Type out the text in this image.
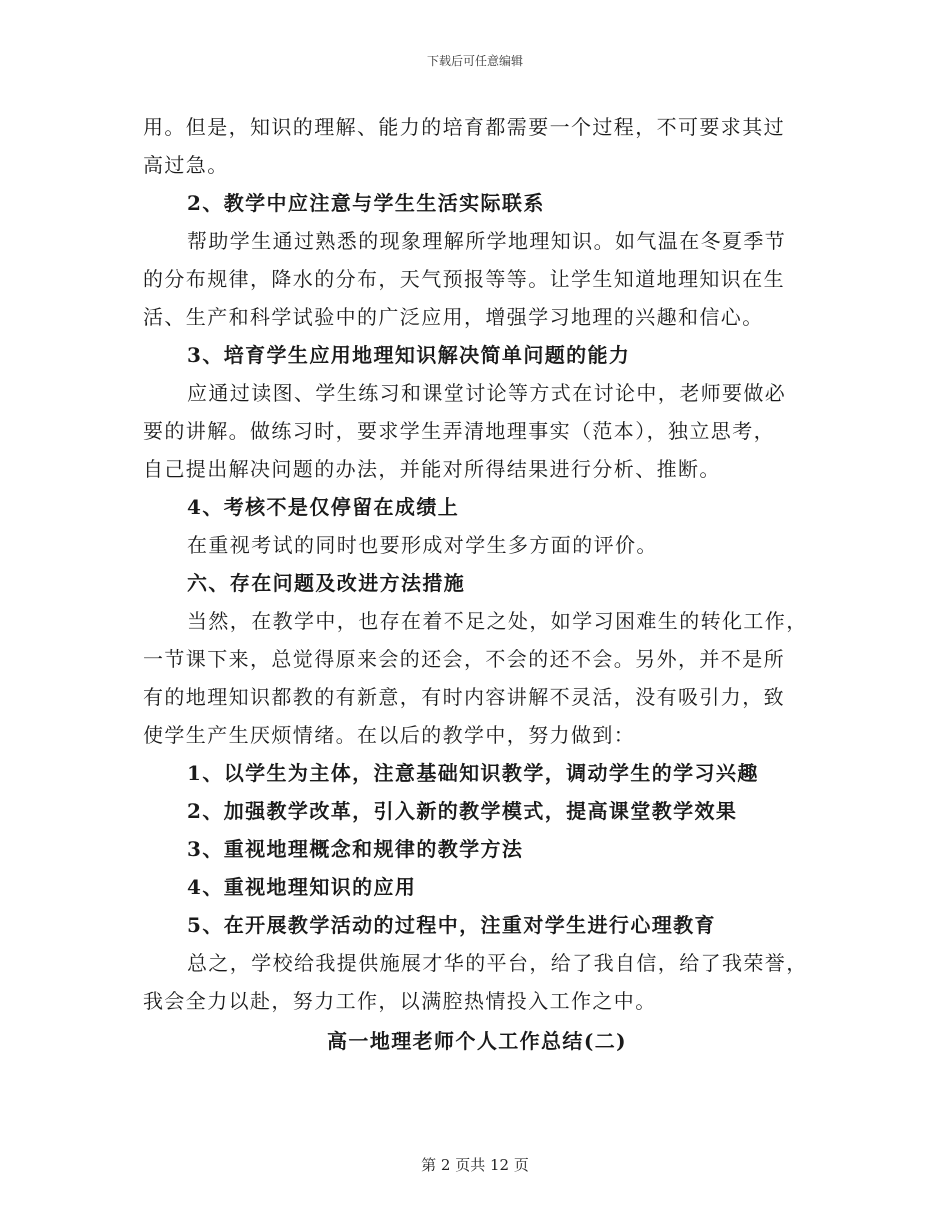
下载后可任意编辑
用。但是，知识的理解、能力的培育都需要一个过程，不可要求其过
高过急。
2、教学中应注意与学生生活实际联系
帮助学生通过熟悉的现象理解所学地理知识。如气温在冬夏季节
的分布规律，降水的分布，天气预报等等。让学生知道地理知识在生
活、生产和科学试验中的广泛应用，增强学习地理的兴趣和信心。
3、培育学生应用地理知识解决简单问题的能力
应通过读图、学生练习和课堂讨论等方式在讨论中，老师要做必
要的讲解。做练习时，要求学生弄清地理事实（范本），独立思考，
自己提出解决问题的办法，并能对所得结果进行分析、推断。
4、考核不是仅停留在成绩上
在重视考试的同时也要形成对学生多方面的评价。
六、存在问题及改进方法措施
当然，在教学中，也存在着不足之处，如学习困难生的转化工作，
一节课下来，总觉得原来会的还会，不会的还不会。另外，并不是所
有的地理知识都教的有新意，有时内容讲解不灵活，没有吸引力，致
使学生产生厌烦情绪。在以后的教学中，努力做到：
1、以学生为主体，注意基础知识教学，调动学生的学习兴趣
2、加强教学改革，引入新的教学模式，提高课堂教学效果
3、重视地理概念和规律的教学方法
4、重视地理知识的应用
5、在开展教学活动的过程中，注重对学生进行心理教育
总之，学校给我提供施展才华的平台，给了我自信，给了我荣誉，
我会全力以赴，努力工作，以满腔热情投入工作之中。
高一地理老师个人工作总结(二)
第 2 页共 12 页
